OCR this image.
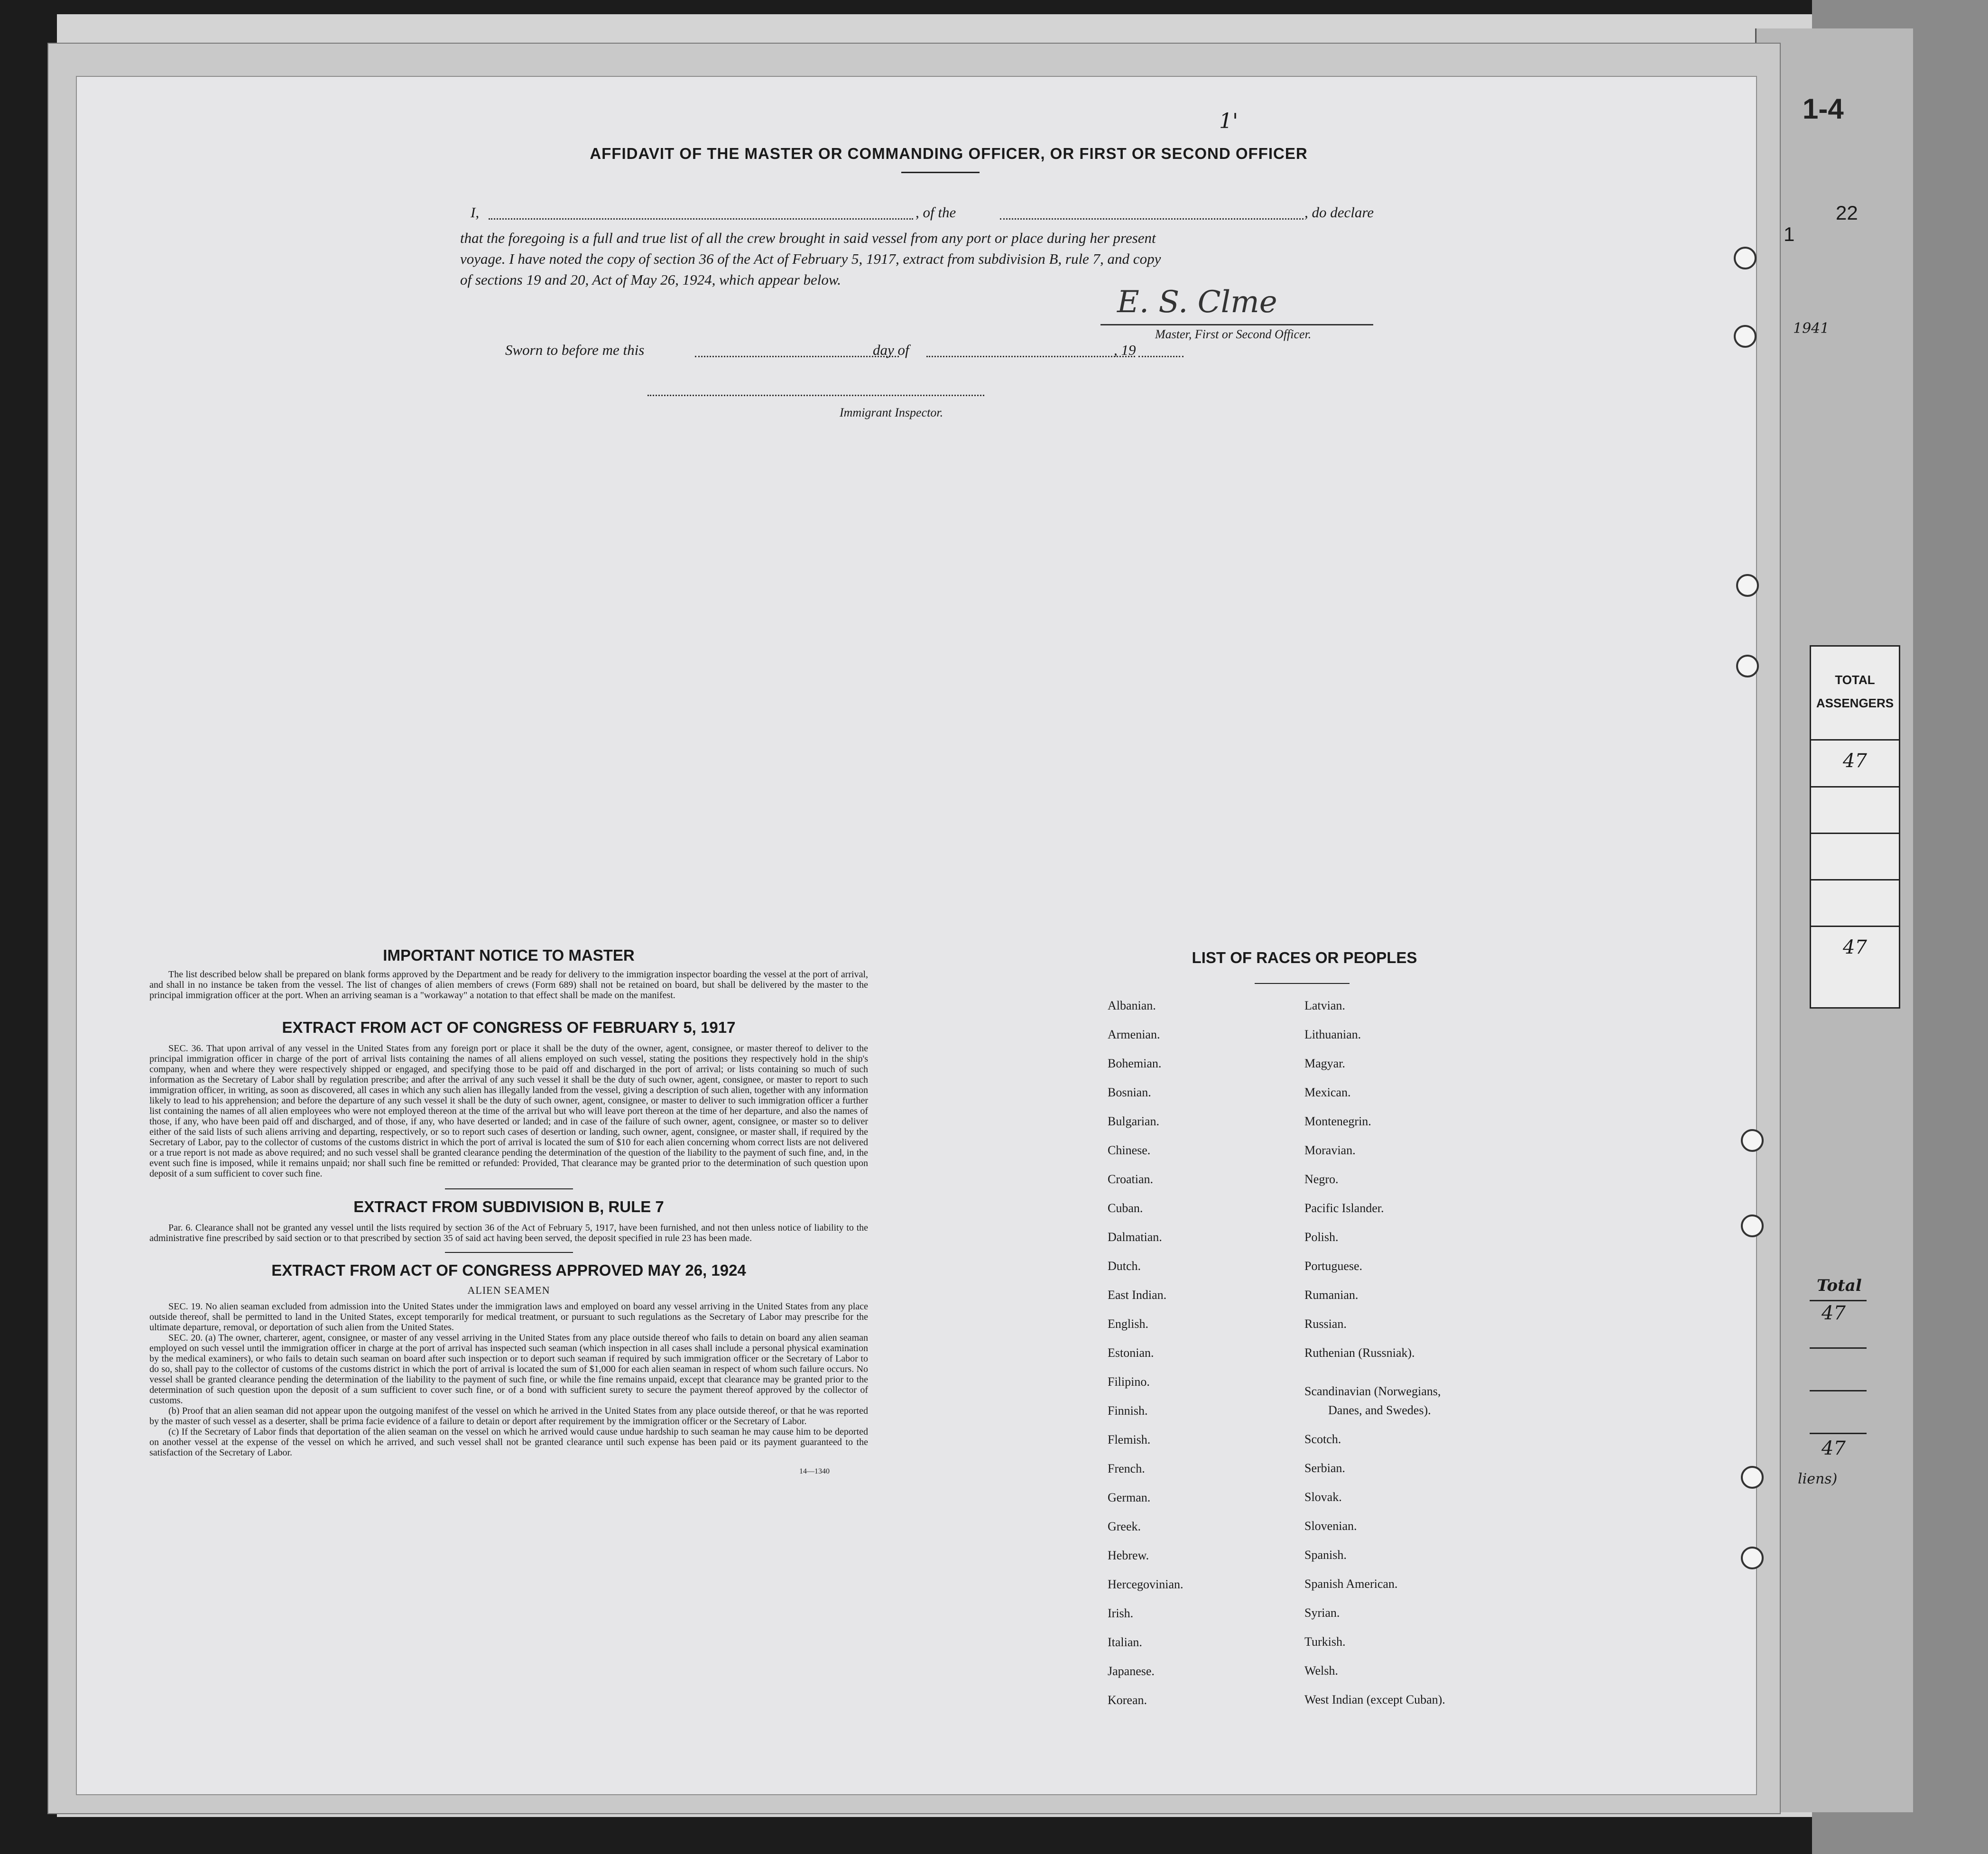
1-4
1
22
1941
TOTAL
ASSENGERS
47
47
Total
47
47
liens)
1'
AFFIDAVIT OF THE MASTER OR COMMANDING OFFICER, OR FIRST OR SECOND OFFICER
I,	, of the	, do declare
that the foregoing is a full and true list of all the crew brought in said vessel from any port or place during her present
voyage. I have noted the copy of section 36 of the Act of February 5, 1917, extract from subdivision B, rule 7, and copy
of sections 19 and 20, Act of May 26, 1924, which appear below.
E. S. Clme
Master, First or Second Officer.
Sworn to before me this	day of	, 19
Immigrant Inspector.
IMPORTANT NOTICE TO MASTER
The list described below shall be prepared on blank forms approved by the Department and be ready for delivery to the immigration inspector boarding the vessel at the port of arrival, and shall in no instance be taken from the vessel. The list of changes of alien members of crews (Form 689) shall not be retained on board, but shall be delivered by the master to the principal immigration officer at the port. When an arriving seaman is a "workaway" a notation to that effect shall be made on the manifest.
EXTRACT FROM ACT OF CONGRESS OF FEBRUARY 5, 1917
SEC. 36. That upon arrival of any vessel in the United States from any foreign port or place it shall be the duty of the owner, agent, consignee, or master thereof to deliver to the principal immigration officer in charge of the port of arrival lists containing the names of all aliens employed on such vessel, stating the positions they respectively hold in the ship's company, when and where they were respectively shipped or engaged, and specifying those to be paid off and discharged in the port of arrival; or lists containing so much of such information as the Secretary of Labor shall by regulation prescribe; and after the arrival of any such vessel it shall be the duty of such owner, agent, consignee, or master to report to such immigration officer, in writing, as soon as discovered, all cases in which any such alien has illegally landed from the vessel, giving a description of such alien, together with any information likely to lead to his apprehension; and before the departure of any such vessel it shall be the duty of such owner, agent, consignee, or master to deliver to such immigration officer a further list containing the names of all alien employees who were not employed thereon at the time of the arrival but who will leave port thereon at the time of her departure, and also the names of those, if any, who have been paid off and discharged, and of those, if any, who have deserted or landed; and in case of the failure of such owner, agent, consignee, or master so to deliver either of the said lists of such aliens arriving and departing, respectively, or so to report such cases of desertion or landing, such owner, agent, consignee, or master shall, if required by the Secretary of Labor, pay to the collector of customs of the customs district in which the port of arrival is located the sum of $10 for each alien concerning whom correct lists are not delivered or a true report is not made as above required; and no such vessel shall be granted clearance pending the determination of the question of the liability to the payment of such fine, and, in the event such fine is imposed, while it remains unpaid; nor shall such fine be remitted or refunded: Provided, That clearance may be granted prior to the determination of such question upon deposit of a sum sufficient to cover such fine.
EXTRACT FROM SUBDIVISION B, RULE 7
Par. 6. Clearance shall not be granted any vessel until the lists required by section 36 of the Act of February 5, 1917, have been furnished, and not then unless notice of liability to the administrative fine prescribed by said section or to that prescribed by section 35 of said act having been served, the deposit specified in rule 23 has been made.
EXTRACT FROM ACT OF CONGRESS APPROVED MAY 26, 1924
ALIEN SEAMEN
SEC. 19. No alien seaman excluded from admission into the United States under the immigration laws and employed on board any vessel arriving in the United States from any place outside thereof, shall be permitted to land in the United States, except temporarily for medical treatment, or pursuant to such regulations as the Secretary of Labor may prescribe for the ultimate departure, removal, or deportation of such alien from the United States.
SEC. 20. (a) The owner, charterer, agent, consignee, or master of any vessel arriving in the United States from any place outside thereof who fails to detain on board any alien seaman employed on such vessel until the immigration officer in charge at the port of arrival has inspected such seaman (which inspection in all cases shall include a personal physical examination by the medical examiners), or who fails to detain such seaman on board after such inspection or to deport such seaman if required by such immigration officer or the Secretary of Labor to do so, shall pay to the collector of customs of the customs district in which the port of arrival is located the sum of $1,000 for each alien seaman in respect of whom such failure occurs. No vessel shall be granted clearance pending the determination of the liability to the payment of such fine, or while the fine remains unpaid, except that clearance may be granted prior to the determination of such question upon the deposit of a sum sufficient to cover such fine, or of a bond with sufficient surety to secure the payment thereof approved by the collector of customs.
(b) Proof that an alien seaman did not appear upon the outgoing manifest of the vessel on which he arrived in the United States from any place outside thereof, or that he was reported by the master of such vessel as a deserter, shall be prima facie evidence of a failure to detain or deport after requirement by the immigration officer or the Secretary of Labor.
(c) If the Secretary of Labor finds that deportation of the alien seaman on the vessel on which he arrived would cause undue hardship to such seaman he may cause him to be deported on another vessel at the expense of the vessel on which he arrived, and such vessel shall not be granted clearance until such expense has been paid or its payment guaranteed to the satisfaction of the Secretary of Labor.
14—1340
LIST OF RACES OR PEOPLES
Albanian.
Armenian.
Bohemian.
Bosnian.
Bulgarian.
Chinese.
Croatian.
Cuban.
Dalmatian.
Dutch.
East Indian.
English.
Estonian.
Filipino.
Finnish.
Flemish.
French.
German.
Greek.
Hebrew.
Hercegovinian.
Irish.
Italian.
Japanese.
Korean.
Latvian.
Lithuanian.
Magyar.
Mexican.
Montenegrin.
Moravian.
Negro.
Pacific Islander.
Polish.
Portuguese.
Rumanian.
Russian.
Ruthenian (Russniak).
Scandinavian (Norwegians,
Danes, and Swedes).
Scotch.
Serbian.
Slovak.
Slovenian.
Spanish.
Spanish American.
Syrian.
Turkish.
Welsh.
West Indian (except Cuban).
